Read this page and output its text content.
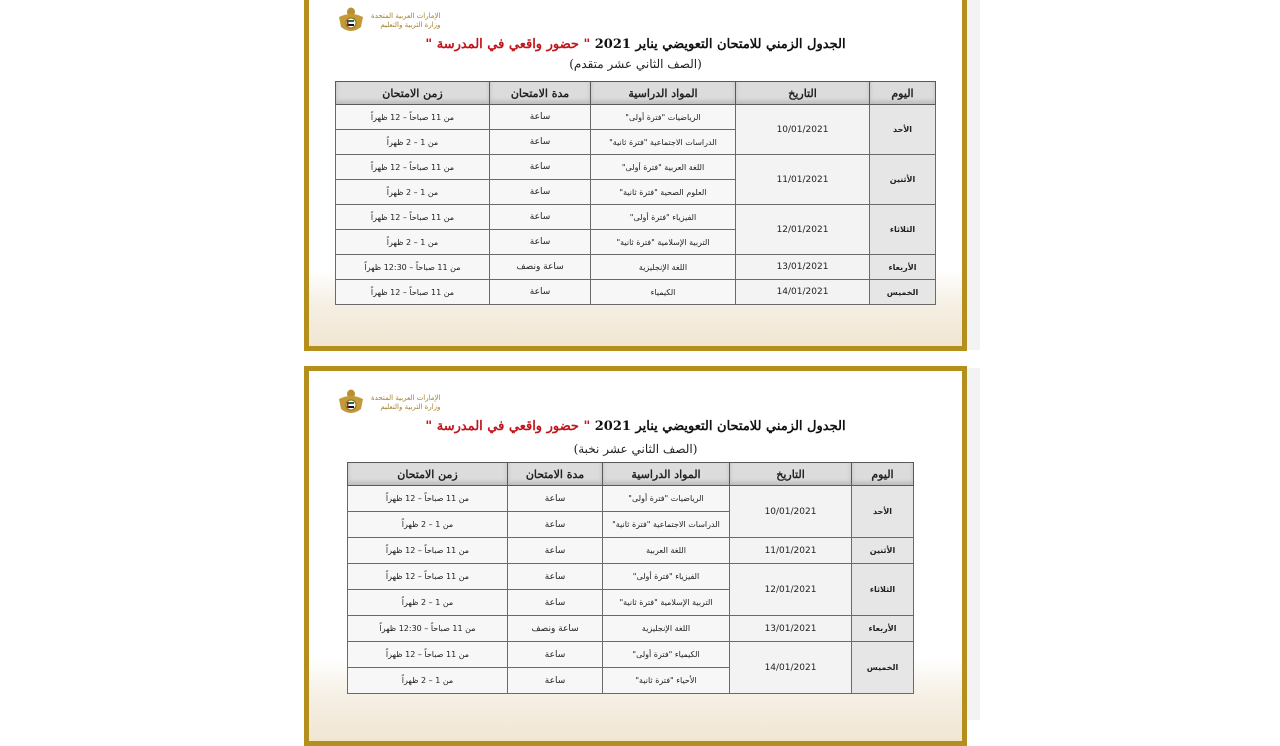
الإمارات العربية المتحدة
وزارة التربية والتعليم
الجدول الزمني للامتحان التعويضي يناير 2021 " حضور واقعي في المدرسة "
(الصف الثاني عشر متقدم)
اليوم	التاريخ	المواد الدراسية	مدة الامتحان	زمن الامتحان
الأحد	10/01/2021	الرياضيات "فترة أولى"	ساعة	من 11 صباحاً – 12 ظهراً
		الدراسات الاجتماعية "فترة ثانية"	ساعة	من 1 – 2 ظهراً
الأثنين	11/01/2021	اللغة العربية "فترة أولى"	ساعة	من 11 صباحاً – 12 ظهراً
		العلوم الصحية "فترة ثانية"	ساعة	من 1 – 2 ظهراً
الثلاثاء	12/01/2021	الفيزياء "فترة أولى"	ساعة	من 11 صباحاً – 12 ظهراً
		التربية الإسلامية "فترة ثانية"	ساعة	من 1 – 2 ظهراً
الأربعاء	13/01/2021	اللغة الإنجليزية	ساعة ونصف	من 11 صباحاً – 12:30 ظهراً
الخميس	14/01/2021	الكيمياء	ساعة	من 11 صباحاً – 12 ظهراً
الإمارات العربية المتحدة
وزارة التربية والتعليم
الجدول الزمني للامتحان التعويضي يناير 2021 " حضور واقعي في المدرسة "
(الصف الثاني عشر نخبة)
اليوم	التاريخ	المواد الدراسية	مدة الامتحان	زمن الامتحان
الأحد	10/01/2021	الرياضيات "فترة أولى"	ساعة	من 11 صباحاً – 12 ظهراً
		الدراسات الاجتماعية "فترة ثانية"	ساعة	من 1 – 2 ظهراً
الأثنين	11/01/2021	اللغة العربية	ساعة	من 11 صباحاً – 12 ظهراً
الثلاثاء	12/01/2021	الفيزياء "فترة أولى"	ساعة	من 11 صباحاً – 12 ظهراً
		التربية الإسلامية "فترة ثانية"	ساعة	من 1 – 2 ظهراً
الأربعاء	13/01/2021	اللغة الإنجليزية	ساعة ونصف	من 11 صباحاً – 12:30 ظهراً
الخميس	14/01/2021	الكيمياء "فترة أولى"	ساعة	من 11 صباحاً – 12 ظهراً
		الأحياء "فترة ثانية"	ساعة	من 1 – 2 ظهراً
